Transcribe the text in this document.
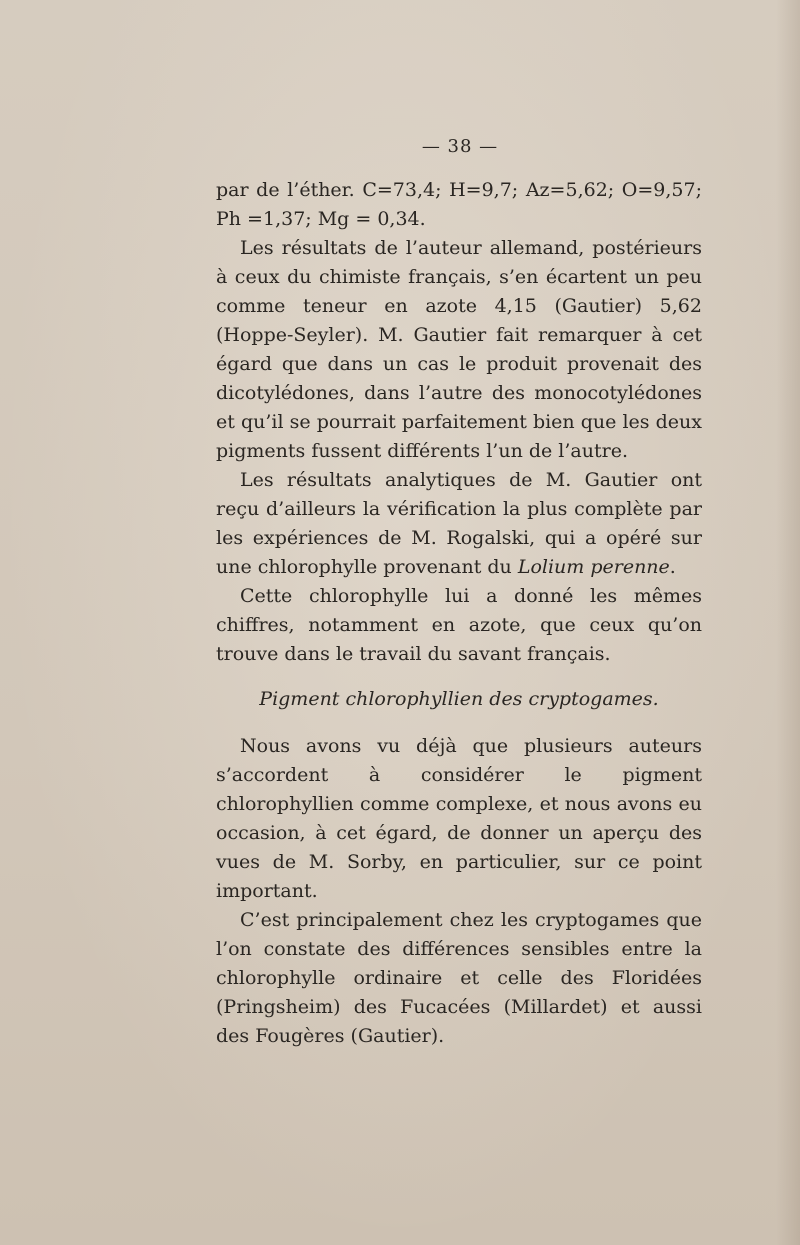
— 38 —

par de l’éther. C=73,4; H=9,7; Az=5,62; O=9,57; Ph =1,37; Mg = 0,34.

Les résultats de l’auteur allemand, postérieurs à ceux du chimiste français, s’en écartent un peu comme teneur en azote 4,15 (Gautier) 5,62 (Hoppe-Seyler). M. Gautier fait remarquer à cet égard que dans un cas le produit provenait des dicotylédones, dans l’autre des monocotylédones et qu’il se pourrait parfaitement bien que les deux pigments fussent différents l’un de l’autre.

Les résultats analytiques de M. Gautier ont reçu d’ailleurs la vérification la plus complète par les expériences de M. Rogalski, qui a opéré sur une chlorophylle provenant du Lolium perenne.

Cette chlorophylle lui a donné les mêmes chiffres, notamment en azote, que ceux qu’on trouve dans le travail du savant français.

Pigment chlorophyllien des cryptogames.

Nous avons vu déjà que plusieurs auteurs s’accordent à considérer le pigment chlorophyllien comme complexe, et nous avons eu occasion, à cet égard, de donner un aperçu des vues de M. Sorby, en particulier, sur ce point important.

C’est principalement chez les cryptogames que l’on constate des différences sensibles entre la chlorophylle ordinaire et celle des Floridées (Pringsheim) des Fucacées (Millardet) et aussi des Fougères (Gautier).
